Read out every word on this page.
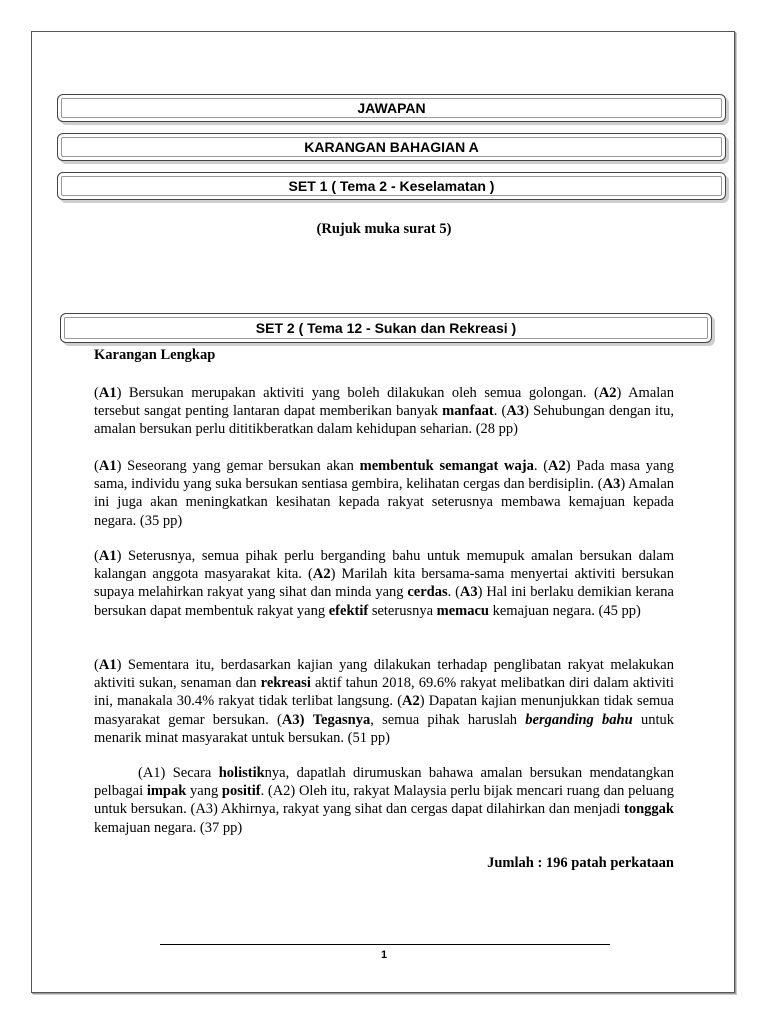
JAWAPAN
KARANGAN BAHAGIAN A
SET 1 ( Tema 2 - Keselamatan )
(Rujuk muka surat 5)
SET 2 ( Tema 12 - Sukan dan Rekreasi )
Karangan Lengkap

(A1) Bersukan merupakan aktiviti yang boleh dilakukan oleh semua golongan. (A2) Amalan tersebut sangat penting lantaran dapat memberikan banyak manfaat. (A3) Sehubungan dengan itu, amalan bersukan perlu dititikberatkan dalam kehidupan seharian. (28 pp)

(A1) Seseorang yang gemar bersukan akan membentuk semangat waja. (A2) Pada masa yang sama, individu yang suka bersukan sentiasa gembira, kelihatan cergas dan berdisiplin. (A3) Amalan ini juga akan meningkatkan kesihatan kepada rakyat seterusnya membawa kemajuan kepada negara. (35 pp)

(A1) Seterusnya, semua pihak perlu berganding bahu untuk memupuk amalan bersukan dalam kalangan anggota masyarakat kita. (A2) Marilah kita bersama-sama menyertai aktiviti bersukan supaya melahirkan rakyat yang sihat dan minda yang cerdas. (A3) Hal ini berlaku demikian kerana bersukan dapat membentuk rakyat yang efektif seterusnya memacu kemajuan negara. (45 pp)

(A1) Sementara itu, berdasarkan kajian yang dilakukan terhadap penglibatan rakyat melakukan aktiviti sukan, senaman dan rekreasi aktif tahun 2018, 69.6% rakyat melibatkan diri dalam aktiviti ini, manakala 30.4% rakyat tidak terlibat langsung. (A2) Dapatan kajian menunjukkan tidak semua masyarakat gemar bersukan. (A3) Tegasnya, semua pihak haruslah berganding bahu untuk menarik minat masyarakat untuk bersukan. (51 pp)

(A1) Secara holistiknya, dapatlah dirumuskan bahawa amalan bersukan mendatangkan pelbagai impak yang positif. (A2) Oleh itu, rakyat Malaysia perlu bijak mencari ruang dan peluang untuk bersukan. (A3) Akhirnya, rakyat yang sihat dan cergas dapat dilahirkan dan menjadi tonggak kemajuan negara. (37 pp)

Jumlah : 196 patah perkataan
1
